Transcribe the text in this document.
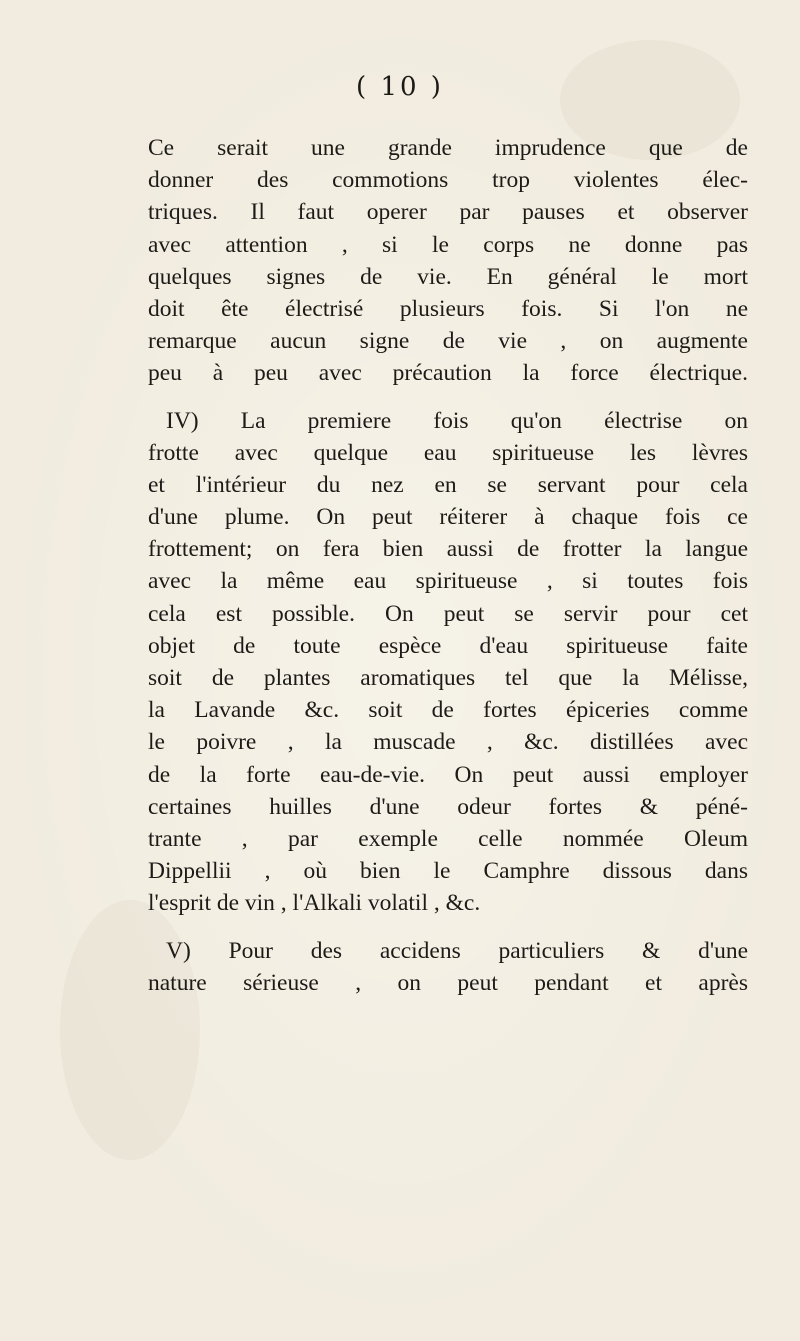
( 10 )

Ce serait une grande imprudence que de
donner des commotions trop violentes élec-
triques. Il faut operer par pauses et observer
avec attention , si le corps ne donne pas
quelques signes de vie. En général le mort
doit ête électrisé plusieurs fois. Si l'on ne
remarque aucun signe de vie , on augmente
peu à peu avec précaution la force électrique.

IV) La premiere fois qu'on électrise on
frotte avec quelque eau spiritueuse les lèvres
et l'intérieur du nez en se servant pour cela
d'une plume. On peut réiterer à chaque fois ce
frottement; on fera bien aussi de frotter la langue
avec la même eau spiritueuse , si toutes fois
cela est possible. On peut se servir pour cet
objet de toute espèce d'eau spiritueuse faite
soit de plantes aromatiques tel que la Mélisse,
la Lavande &c. soit de fortes épiceries comme
le poivre , la muscade , &c. distillées avec
de la forte eau-de-vie. On peut aussi employer
certaines huilles d'une odeur fortes & péné-
trante , par exemple celle nommée Oleum
Dippellii , où bien le Camphre dissous dans
l'esprit de vin , l'Alkali volatil , &c.

V) Pour des accidens particuliers & d'une
nature sérieuse , on peut pendant et après
